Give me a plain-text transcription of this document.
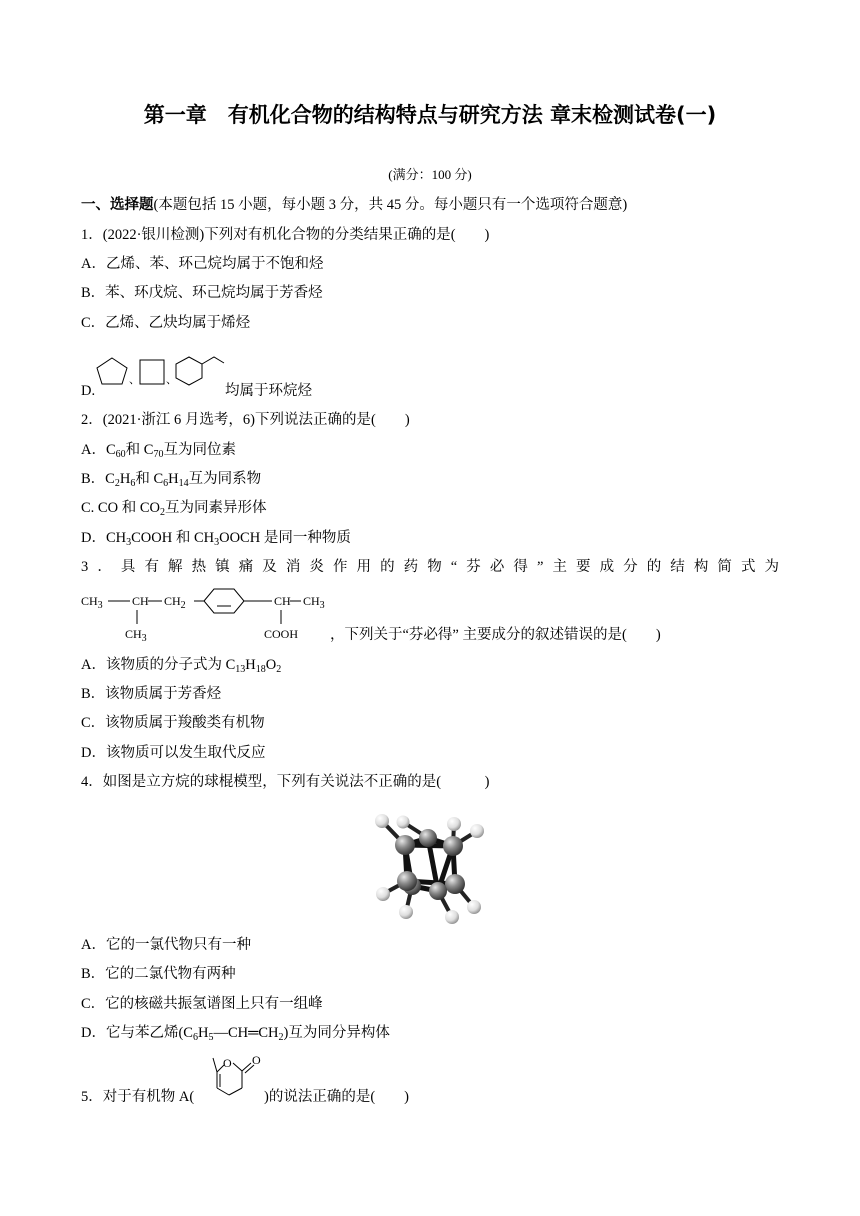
第一章　有机化合物的结构特点与研究方法 章末检测试卷(一)
(满分：100 分)
一、选择题(本题包括 15 小题，每小题 3 分，共 45 分。每小题只有一个选项符合题意)
1．(2022·银川检测)下列对有机化合物的分类结果正确的是(　　)
A．乙烯、苯、环己烷均属于不饱和烃
B．苯、环戊烷、环己烷均属于芳香烃
C．乙烯、乙炔均属于烯烃
D.
、 、
均属于环烷烃
2．(2021·浙江 6 月选考，6)下列说法正确的是(　　)
A．$C_{60}$和 $C_{70}$互为同位素
B．$C_2H_6$和 $C_6H_{14}$互为同系物
C. CO 和 $CO_2$互为同素异形体
D．$CH_3COOH$ 和 $CH_3OOCH$ 是同一种物质
3 ． 具 有 解 热 镇 痛 及 消 炎 作 用 的 药 物 “ 芬 必 得 ” 主 要 成 分 的 结 构 简 式 为
$CH_3$ CH $CH_2$	CH $CH_3$
$CH_3$	COOH ，下列关于“芬必得” 主要成分的叙述错误的是(　　)
A．该物质的分子式为 $C_{13}H_{18}O_2$
B．该物质属于芳香烃
C．该物质属于羧酸类有机物
D．该物质可以发生取代反应
4．如图是立方烷的球棍模型，下列有关说法不正确的是(　　　)
A．它的一氯代物只有一种
B．它的二氯代物有两种
C．它的核磁共振氢谱图上只有一组峰
D．它与苯乙烯$(C_6H_5—CH═CH_2)$互为同分异构体
5．对于有机物 A(
O O
)的说法正确的是(　　)
